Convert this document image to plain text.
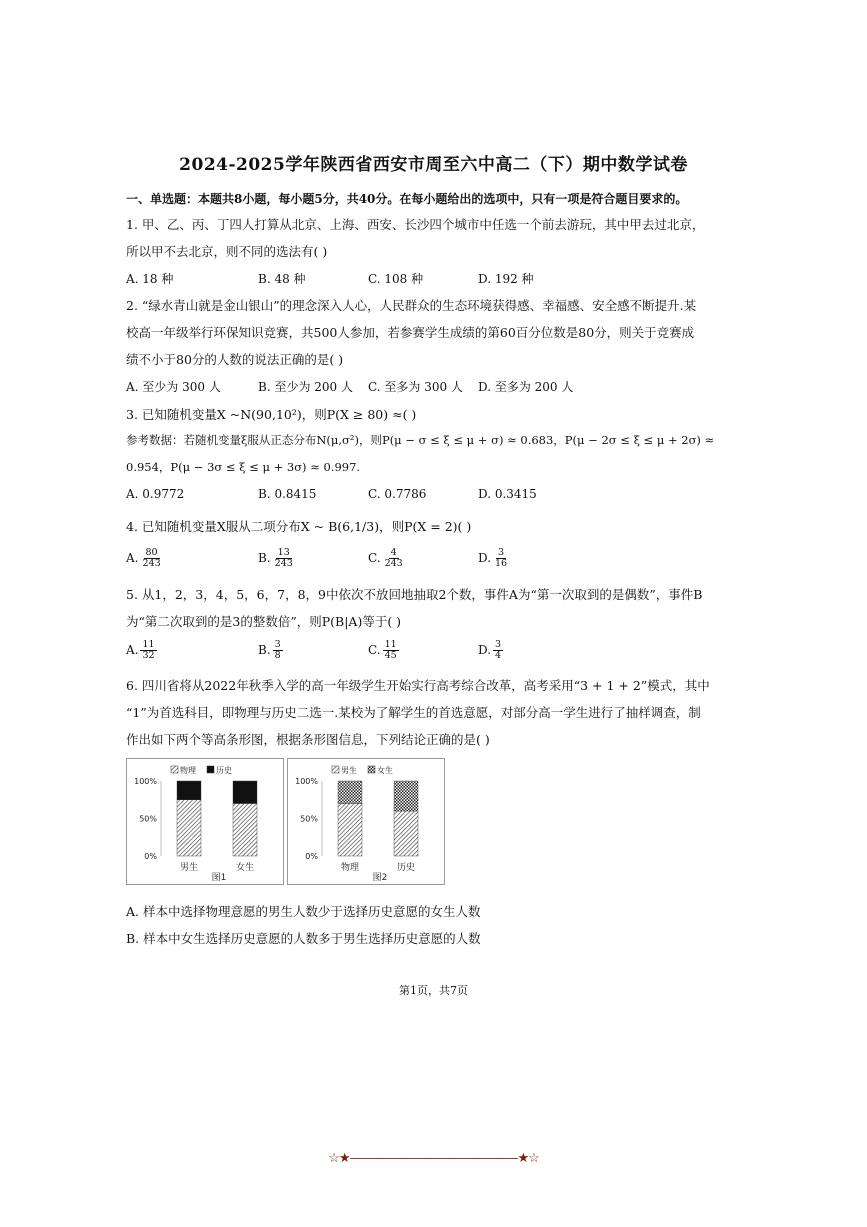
2024-2025学年陕西省西安市周至六中高二（下）期中数学试卷
一、单选题：本题共8小题，每小题5分，共40分。在每小题给出的选项中，只有一项是符合题目要求的。
1. 甲、乙、丙、丁四人打算从北京、上海、西安、长沙四个城市中任选一个前去游玩，其中甲去过北京，
所以甲不去北京，则不同的选法有( )
A. 18 种	B. 48 种	C. 108 种	D. 192 种
2. “绿水青山就是金山银山”的理念深入人心，人民群众的生态环境获得感、幸福感、安全感不断提升.某
校高一年级举行环保知识竞赛，共500人参加，若参赛学生成绩的第60百分位数是80分，则关于竞赛成
绩不小于80分的人数的说法正确的是( )
A. 至少为 300 人	B. 至少为 200 人 C. 至多为 300 人 D. 至多为 200 人
3. 已知随机变量X ~N(90,10²)，则P(X ≥ 80) ≈( )
参考数据：若随机变量ξ服从正态分布N(μ,σ²)，则P(μ − σ ≤ ξ ≤ μ + σ) ≈ 0.683，P(μ − 2σ ≤ ξ ≤ μ + 2σ) ≈
0.954，P(μ − 3σ ≤ ξ ≤ μ + 3σ) ≈ 0.997.
A. 0.9772	B. 0.8415	C. 0.7786	D. 0.3415
4. 已知随机变量X服从二项分布X ~ B(6,1/3)，则P(X = 2)( )
A. $\frac{80}{243}$	B. $\frac{13}{243}$	C. $\frac{4}{243}$	D. $\frac{3}{16}$
5. 从1，2，3，4，5，6，7，8，9中依次不放回地抽取2个数，事件A为“第一次取到的是偶数”，事件B
为“第二次取到的是3的整数倍”，则P(B|A)等于( )
A. $\frac{11}{32}$	B. $\frac{3}{8}$	C. $\frac{11}{45}$	D. $\frac{3}{4}$
6. 四川省将从2022年秋季入学的高一年级学生开始实行高考综合改革，高考采用“3 + 1 + 2”模式，其中
“1”为首选科目，即物理与历史二选一.某校为了解学生的首选意愿，对部分高一学生进行了抽样调查，制
作出如下两个等高条形图，根据条形图信息，下列结论正确的是( )
物理	历史
0%
50%
100%
男生	女生
图1
男生	女生
0%
50%
100%
物理	历史
图2
A. 样本中选择物理意愿的男生人数少于选择历史意愿的女生人数
B. 样本中女生选择历史意愿的人数多于男生选择历史意愿的人数
第1页，共7页
☆★——————————————★☆
